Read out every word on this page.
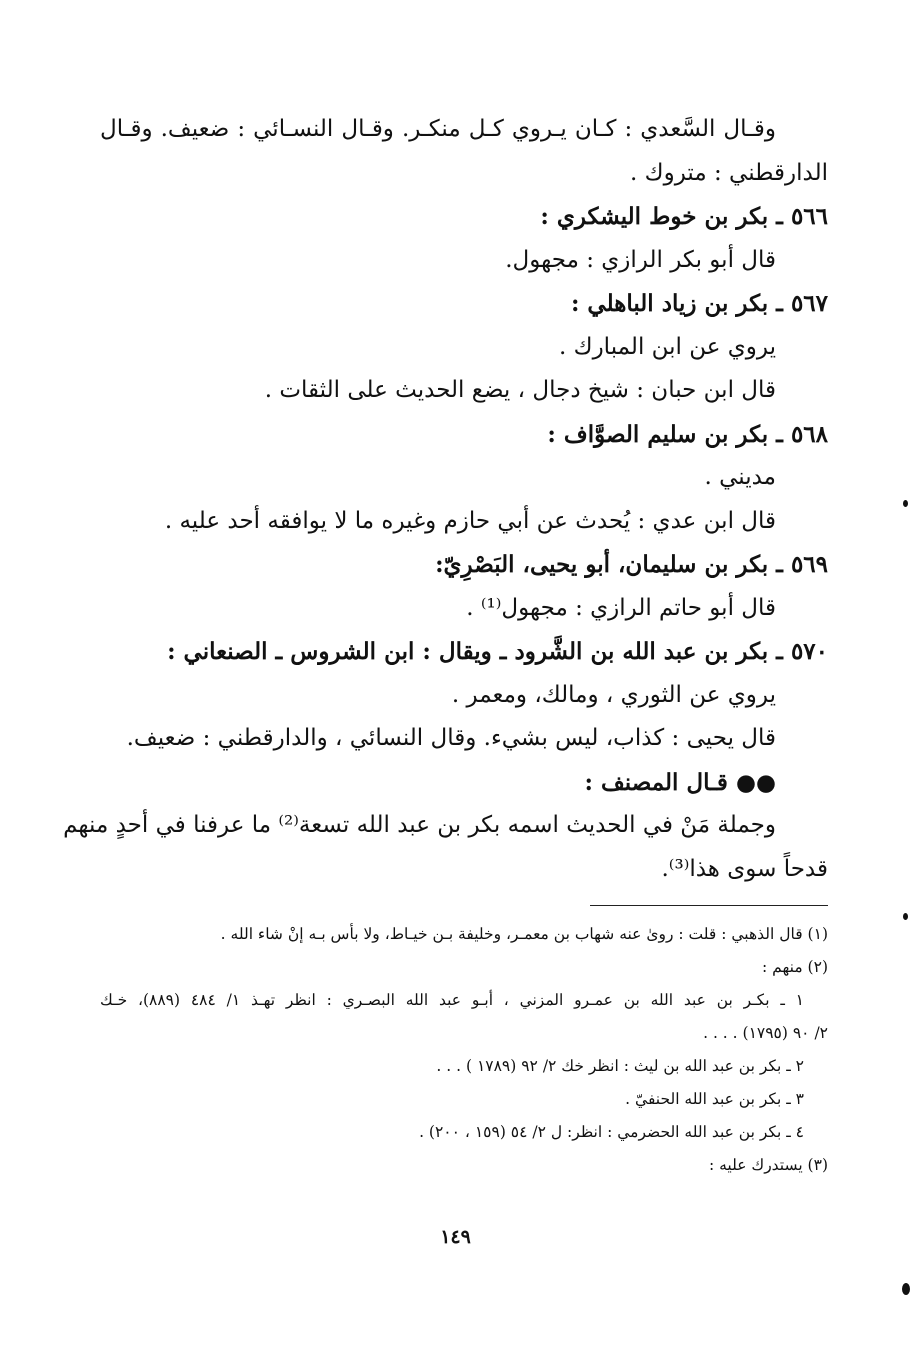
وقـال السَّعدي : كـان يـروي كـل منكـر. وقـال النسـائي : ضعيف. وقـال
الدارقطني : متروك .
٥٦٦ ـ بكر بن خوط اليشكري :
قال أبو بكر الرازي : مجهول.
٥٦٧ ـ بكر بن زياد الباهلي :
يروي عن ابن المبارك .
قال ابن حبان : شيخ دجال ، يضع الحديث على الثقات .
٥٦٨ ـ بكر بن سليم الصوَّاف :
مديني .
قال ابن عدي : يُحدث عن أبي حازم وغيره ما لا يوافقه أحد عليه .
٥٦٩ ـ بكر بن سليمان، أبو يحيى، البَصْرِيّ:
قال أبو حاتم الرازي : مجهول⁽¹⁾ .
٥٧٠ ـ بكر بن عبد الله بن الشَّرود ـ ويقال : ابن الشروس ـ الصنعاني :
يروي عن الثوري ، ومالك، ومعمر .
قال يحيى : كذاب، ليس بشيء. وقال النسائي ، والدارقطني : ضعيف.
●● قـال المصنف :
وجملة مَنْ في الحديث اسمه بكر بن عبد الله تسعة⁽²⁾ ما عرفنا في أحدٍ منهم
قدحاً سوى هذا⁽³⁾.
(١) قال الذهبي : قلت : روىٰ عنه شهاب بن معمـر، وخليفة بـن خيـاط، ولا بأس بـه إنْ شاء الله .
(٢) منهم :
١ ـ بكـر بن عبد الله بن عمـرو المزني ، أبـو عبد الله البصـري : انظر تهـذ ١/ ٤٨٤ (٨٨٩)، خـك
٢/ ٩٠ (١٧٩٥) . . . .
٢ ـ بكر بن عبد الله بن ليث : انظر خك ٢/ ٩٢ (١٧٨٩ ) . . .
٣ ـ بكر بن عبد الله الحنفيّ .
٤ ـ بكر بن عبد الله الحضرمي : انظر: ل ٢/ ٥٤ (١٥٩ ، ٢٠٠) .
(٣) يستدرك عليه :
١٤٩
